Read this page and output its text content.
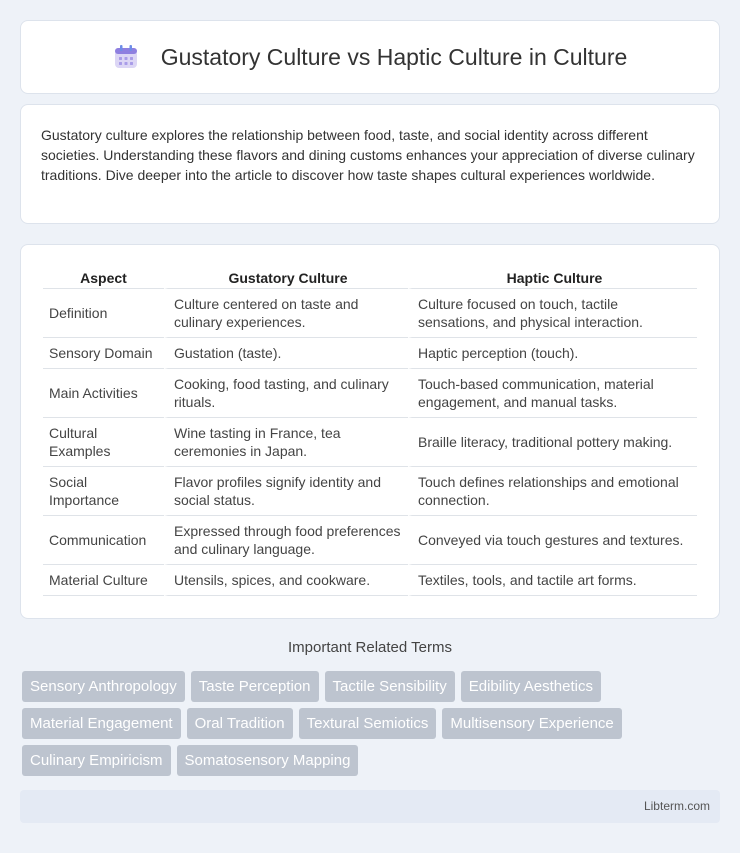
Gustatory Culture vs Haptic Culture in Culture

Gustatory culture explores the relationship between food, taste, and social identity across different societies. Understanding these flavors and dining customs enhances your appreciation of diverse culinary traditions. Dive deeper into the article to discover how taste shapes cultural experiences worldwide.

Aspect	Gustatory Culture	Haptic Culture
Definition	Culture centered on taste and culinary experiences.	Culture focused on touch, tactile sensations, and physical interaction.
Sensory Domain	Gustation (taste).	Haptic perception (touch).
Main Activities	Cooking, food tasting, and culinary rituals.	Touch-based communication, material engagement, and manual tasks.
Cultural Examples	Wine tasting in France, tea ceremonies in Japan.	Braille literacy, traditional pottery making.
Social Importance	Flavor profiles signify identity and social status.	Touch defines relationships and emotional connection.
Communication	Expressed through food preferences and culinary language.	Conveyed via touch gestures and textures.
Material Culture	Utensils, spices, and cookware.	Textiles, tools, and tactile art forms.
Important Related Terms
Sensory Anthropology	Taste Perception	Tactile Sensibility	Edibility Aesthetics
Material Engagement	Oral Tradition	Textural Semiotics	Multisensory Experience
Culinary Empiricism	Somatosensory Mapping
Libterm.com
